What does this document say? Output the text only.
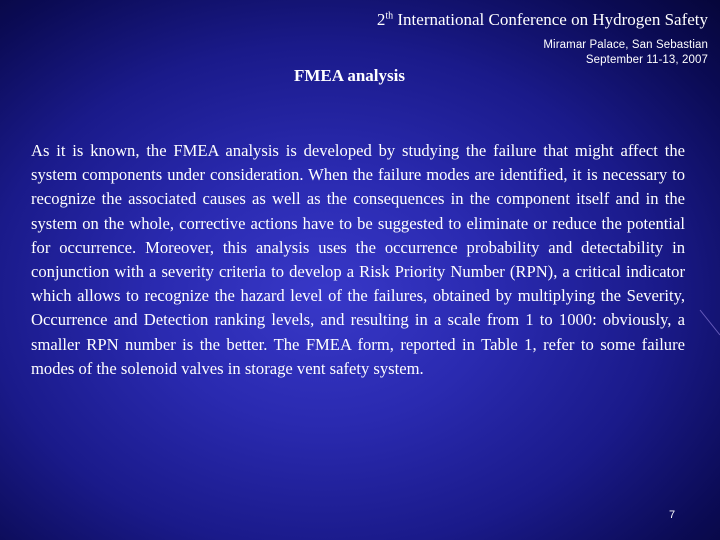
2th International Conference on Hydrogen Safety
Miramar Palace, San Sebastian
September 11-13, 2007
FMEA analysis
As it is known, the FMEA analysis is developed by studying the failure that might affect the system components under consideration. When the failure modes are identified, it is necessary to recognize the associated causes as well as the consequences in the component itself and in the system on the whole, corrective actions have to be suggested to eliminate or reduce the potential for occurrence. Moreover, this analysis uses the occurrence probability and detectability in conjunction with a severity criteria to develop a Risk Priority Number (RPN), a critical indicator which allows to recognize the hazard level of the failures, obtained by multiplying the Severity, Occurrence and Detection ranking levels, and resulting in a scale from 1 to 1000: obviously, a smaller RPN number is the better. The FMEA form, reported in Table 1, refer to some failure modes of the solenoid valves in storage vent safety system.
7
